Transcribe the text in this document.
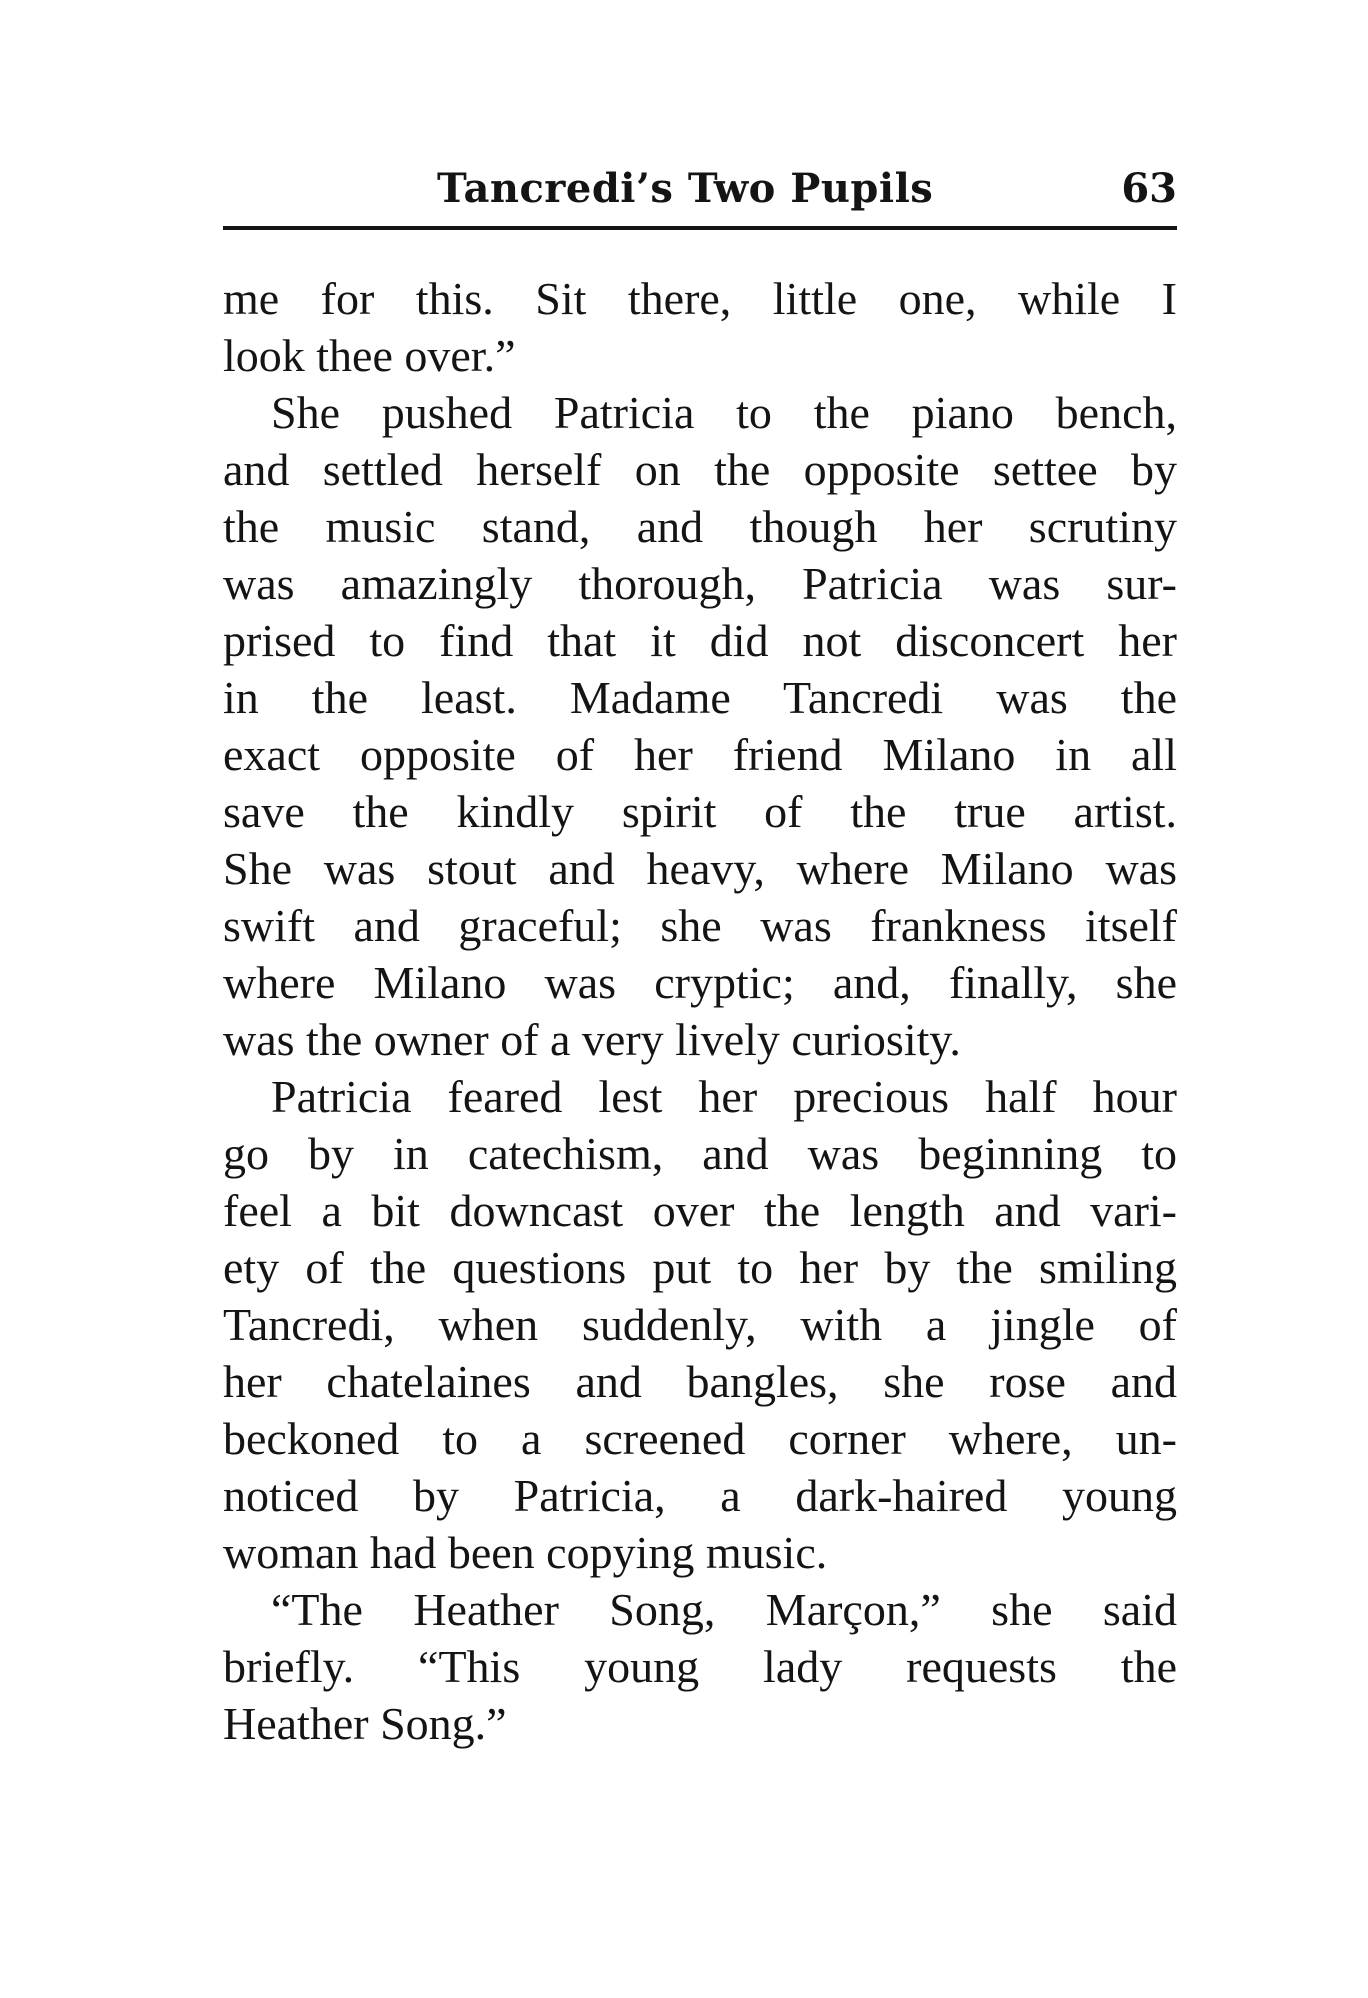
Tancredi’s Two Pupils	63
me for this. Sit there, little one, while I
look thee over.”
She pushed Patricia to the piano bench,
and settled herself on the opposite settee by
the music stand, and though her scrutiny
was amazingly thorough, Patricia was sur-
prised to find that it did not disconcert her
in the least. Madame Tancredi was the
exact opposite of her friend Milano in all
save the kindly spirit of the true artist.
She was stout and heavy, where Milano was
swift and graceful; she was frankness itself
where Milano was cryptic; and, finally, she
was the owner of a very lively curiosity.
Patricia feared lest her precious half hour
go by in catechism, and was beginning to
feel a bit downcast over the length and vari-
ety of the questions put to her by the smiling
Tancredi, when suddenly, with a jingle of
her chatelaines and bangles, she rose and
beckoned to a screened corner where, un-
noticed by Patricia, a dark-haired young
woman had been copying music.
“The Heather Song, Marçon,” she said
briefly. “This young lady requests the
Heather Song.”
